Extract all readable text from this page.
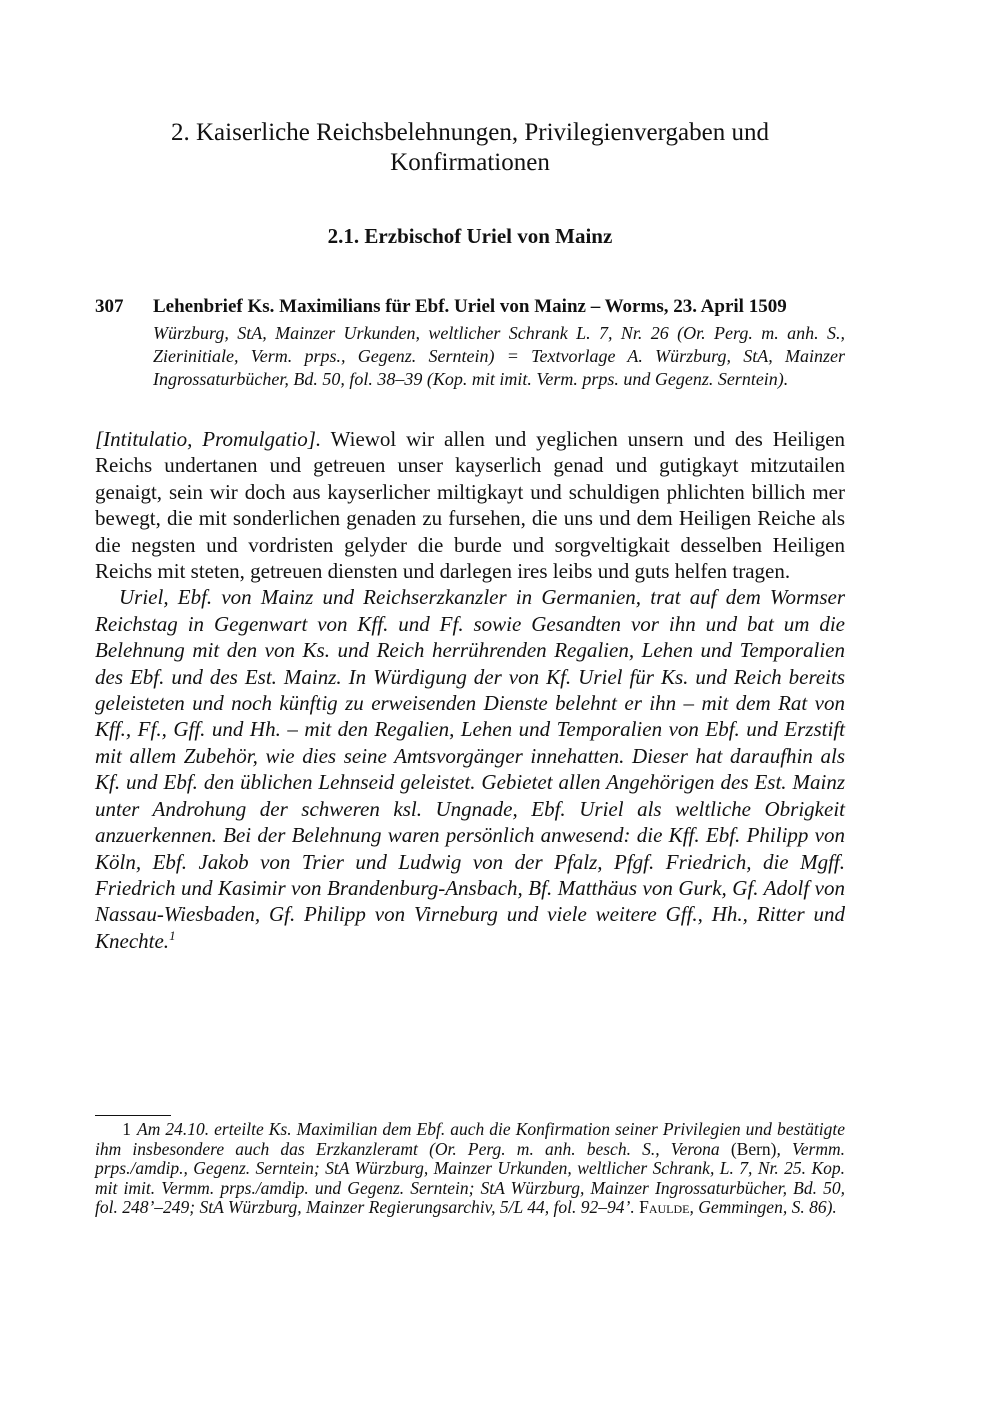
2. Kaiserliche Reichsbelehnungen, Privilegienvergaben und
Konfirmationen
2.1. Erzbischof Uriel von Mainz
307 Lehenbrief Ks. Maximilians für Ebf. Uriel von Mainz – Worms, 23. April 1509
Würzburg, StA, Mainzer Urkunden, weltlicher Schrank L. 7, Nr. 26 (Or. Perg. m. anh. S., Zierinitiale, Verm. prps., Gegenz. Serntein) = Textvorlage A. Würzburg, StA, Mainzer Ingrossaturbücher, Bd. 50, fol. 38–39 (Kop. mit imit. Verm. prps. und Gegenz. Serntein).

[Intitulatio, Promulgatio]. Wiewol wir allen und yeglichen unsern und des Heiligen Reichs undertanen und getreuen unser kayserlich genad und gutigkayt mitzutailen genaigt, sein wir doch aus kayserlicher miltigkayt und schuldigen phlichten billich mer bewegt, die mit sonderlichen genaden zu fursehen, die uns und dem Heiligen Reiche als die negsten und vordristen gelyder die burde und sorgveltigkait desselben Heiligen Reichs mit steten, getreuen diensten und darlegen ires leibs und guts helfen tragen.

Uriel, Ebf. von Mainz und Reichserzkanzler in Germanien, trat auf dem Wormser Reichstag in Gegenwart von Kff. und Ff. sowie Gesandten vor ihn und bat um die Belehnung mit den von Ks. und Reich herrührenden Regalien, Lehen und Temporalien des Ebf. und des Est. Mainz. In Würdigung der von Kf. Uriel für Ks. und Reich bereits geleisteten und noch künftig zu erweisenden Dienste belehnt er ihn – mit dem Rat von Kff., Ff., Gff. und Hh. – mit den Regalien, Lehen und Temporalien von Ebf. und Erzstift mit allem Zubehör, wie dies seine Amtsvorgänger innehatten. Dieser hat daraufhin als Kf. und Ebf. den üblichen Lehnseid geleistet. Gebietet allen Angehörigen des Est. Mainz unter Androhung der schweren ksl. Ungnade, Ebf. Uriel als weltliche Obrigkeit anzuerkennen. Bei der Belehnung waren persönlich anwesend: die Kff. Ebf. Philipp von Köln, Ebf. Jakob von Trier und Ludwig von der Pfalz, Pfgf. Friedrich, die Mgff. Friedrich und Kasimir von Brandenburg-Ansbach, Bf. Matthäus von Gurk, Gf. Adolf von Nassau-Wiesbaden, Gf. Philipp von Virneburg und viele weitere Gff., Hh., Ritter und Knechte.$^1$

1 Am 24.10. erteilte Ks. Maximilian dem Ebf. auch die Konfirmation seiner Privilegien und bestätigte ihm insbesondere auch das Erzkanzleramt (Or. Perg. m. anh. besch. S., Verona (Bern), Vermm. prps./amdip., Gegenz. Serntein; StA Würzburg, Mainzer Urkunden, weltlicher Schrank, L. 7, Nr. 25. Kop. mit imit. Vermm. prps./amdip. und Gegenz. Serntein; StA Würzburg, Mainzer Ingrossaturbücher, Bd. 50, fol. 248’–249; StA Würzburg, Mainzer Regierungsarchiv, 5/L 44, fol. 92–94’. Faulde, Gemmingen, S. 86).
